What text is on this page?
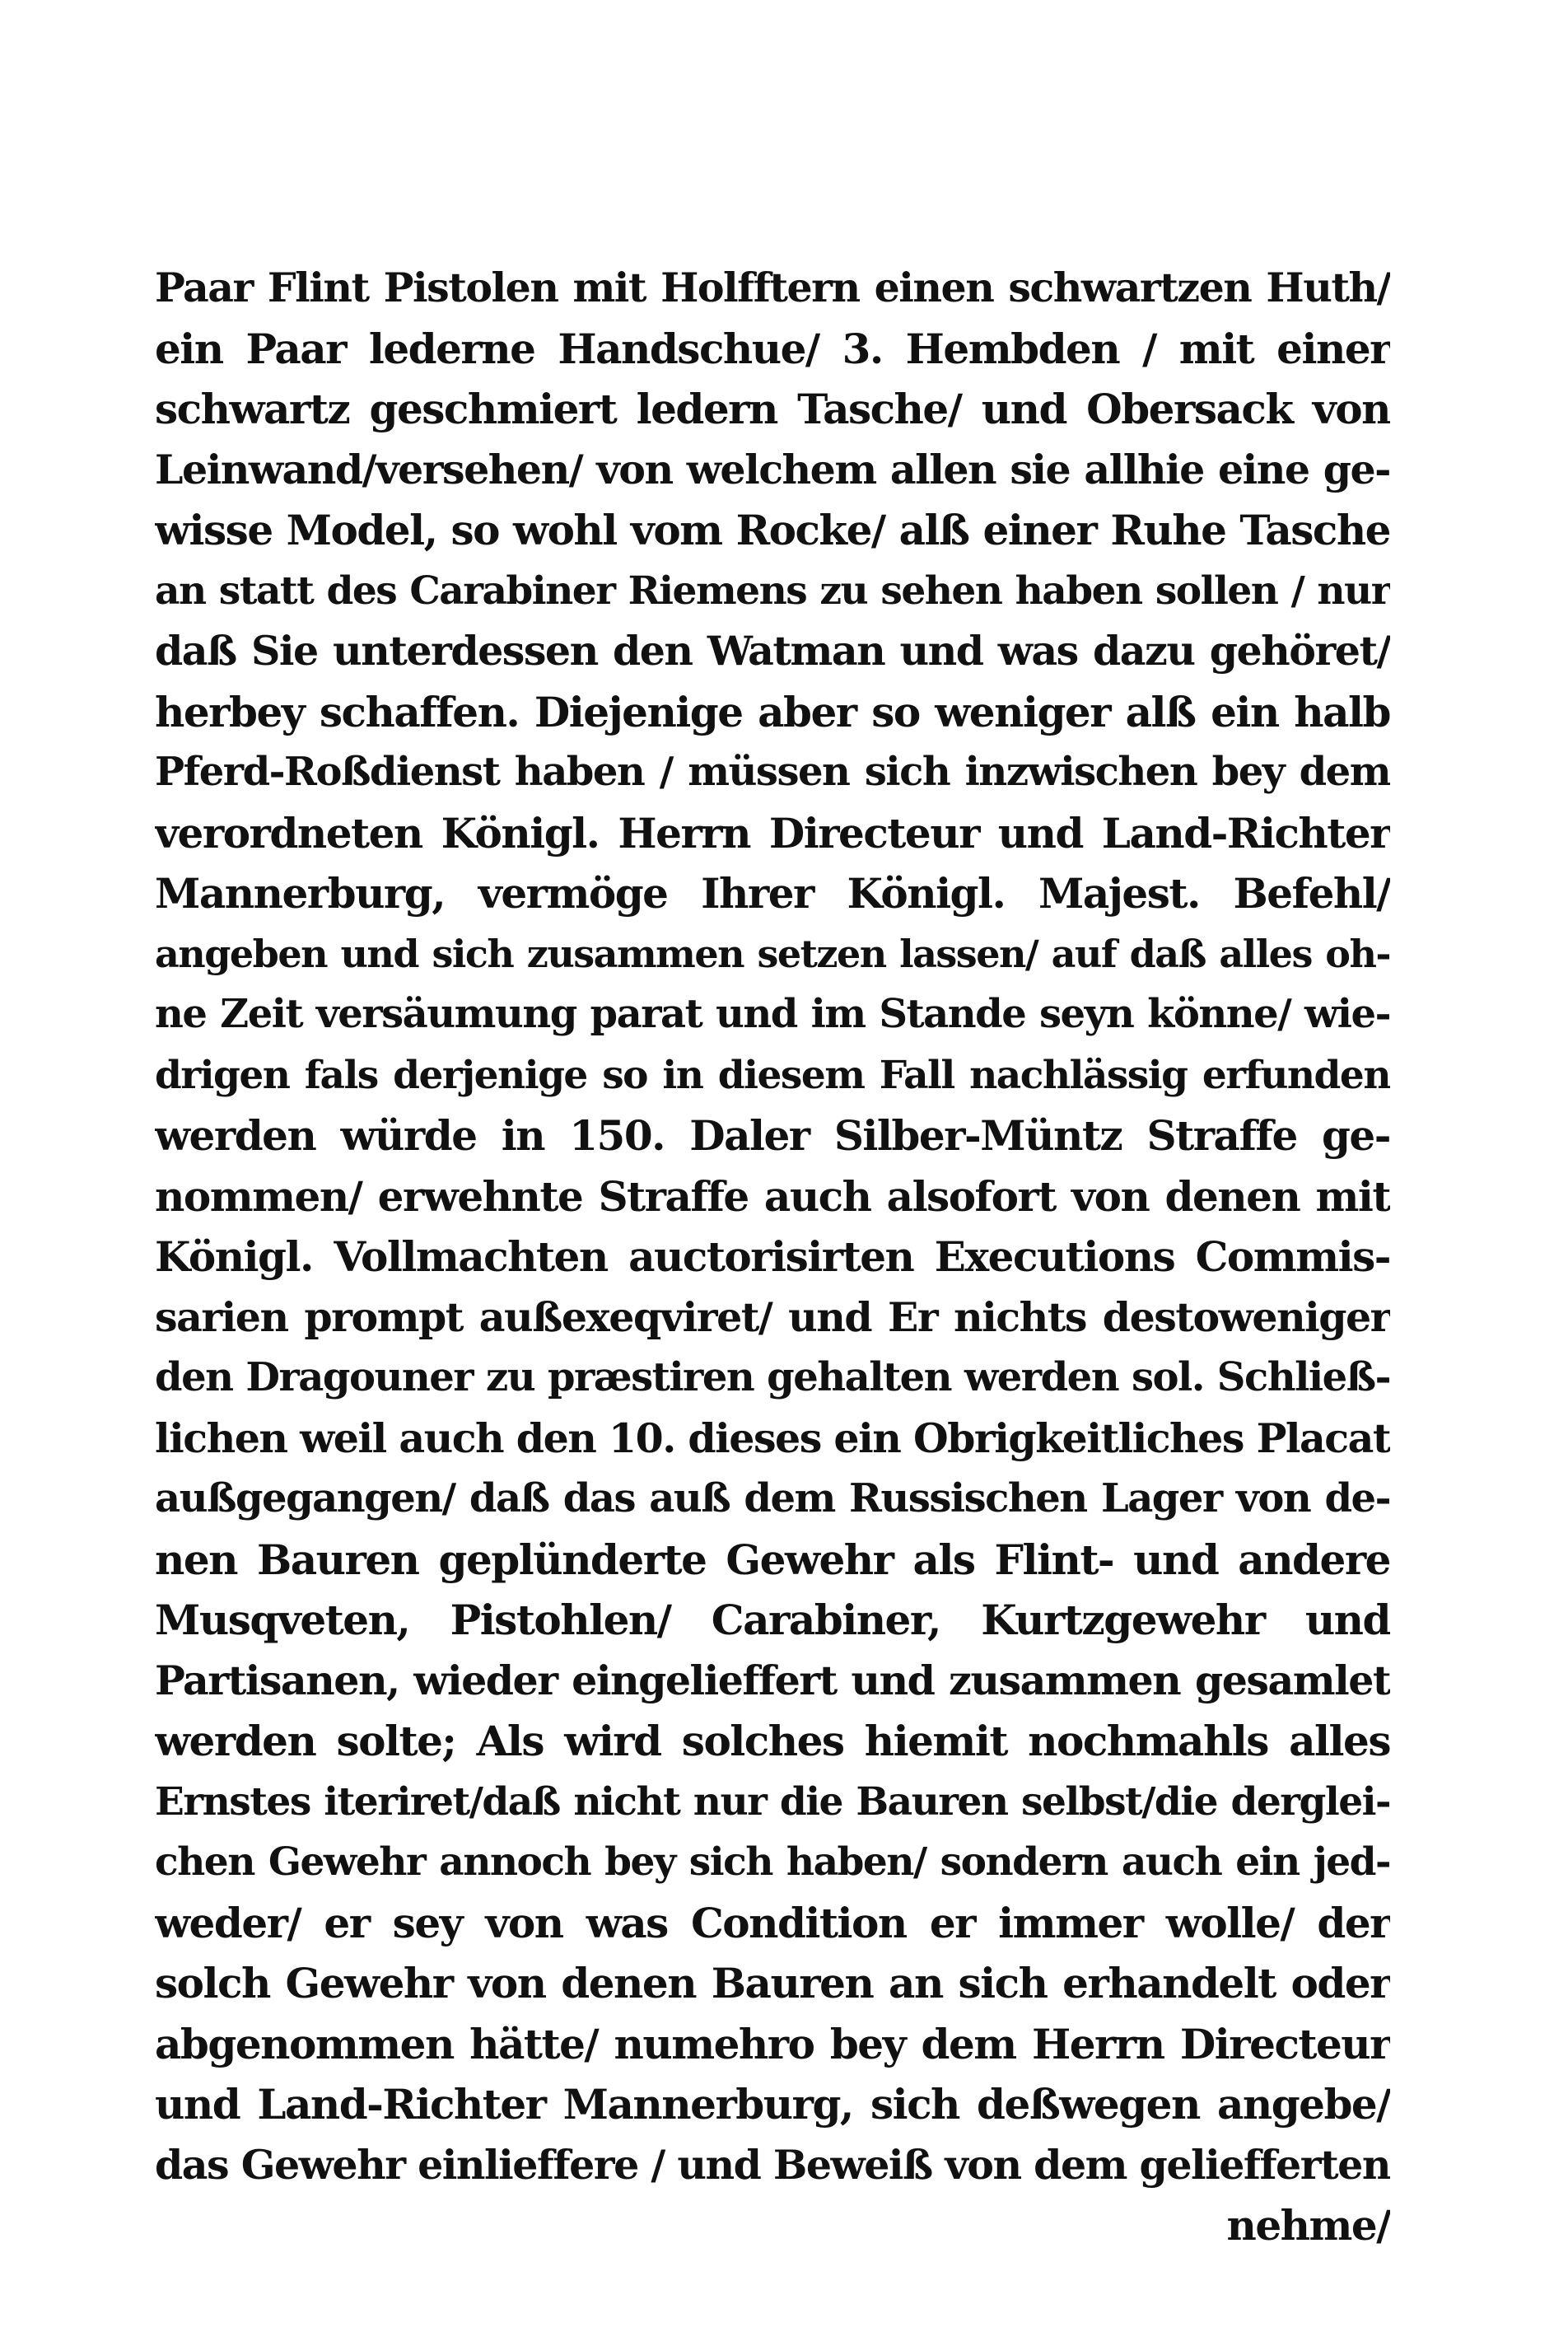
Paar Flint Pistolen mit Holfftern einen schwartzen Huth/
ein Paar lederne Handschue/ 3. Hembden / mit einer
schwartz geschmiert ledern Tasche/ und Obersack von
Leinwand/versehen/ von welchem allen sie allhie eine ge-
wisse Model, so wohl vom Rocke/ alß einer Ruhe Tasche
an statt des Carabiner Riemens zu sehen haben sollen / nur
daß Sie unterdessen den Watman und was dazu gehöret/
herbey schaffen. Diejenige aber so weniger alß ein halb
Pferd-Roßdienst haben / müssen sich inzwischen bey dem
verordneten Königl. Herrn Directeur und Land-Richter
Mannerburg, vermöge Ihrer Königl. Majest. Befehl/
angeben und sich zusammen setzen lassen/ auf daß alles oh-
ne Zeit versäumung parat und im Stande seyn könne/ wie-
drigen fals derjenige so in diesem Fall nachlässig erfunden
werden würde in 150. Daler Silber-Müntz Straffe ge-
nommen/ erwehnte Straffe auch alsofort von denen mit
Königl. Vollmachten auctorisirten Executions Commis-
sarien prompt außexeqviret/ und Er nichts destoweniger
den Dragouner zu præstiren gehalten werden sol. Schließ-
lichen weil auch den 10. dieses ein Obrigkeitliches Placat
außgegangen/ daß das auß dem Russischen Lager von de-
nen Bauren geplünderte Gewehr als Flint- und andere
Musqveten, Pistohlen/ Carabiner, Kurtzgewehr und
Partisanen, wieder eingelieffert und zusammen gesamlet
werden solte; Als wird solches hiemit nochmahls alles
Ernstes iteriret/daß nicht nur die Bauren selbst/die derglei-
chen Gewehr annoch bey sich haben/ sondern auch ein jed-
weder/ er sey von was Condition er immer wolle/ der
solch Gewehr von denen Bauren an sich erhandelt oder
abgenommen hätte/ numehro bey dem Herrn Directeur
und Land-Richter Mannerburg, sich deßwegen angebe/
das Gewehr einlieffere / und Beweiß von dem geliefferten
nehme/
